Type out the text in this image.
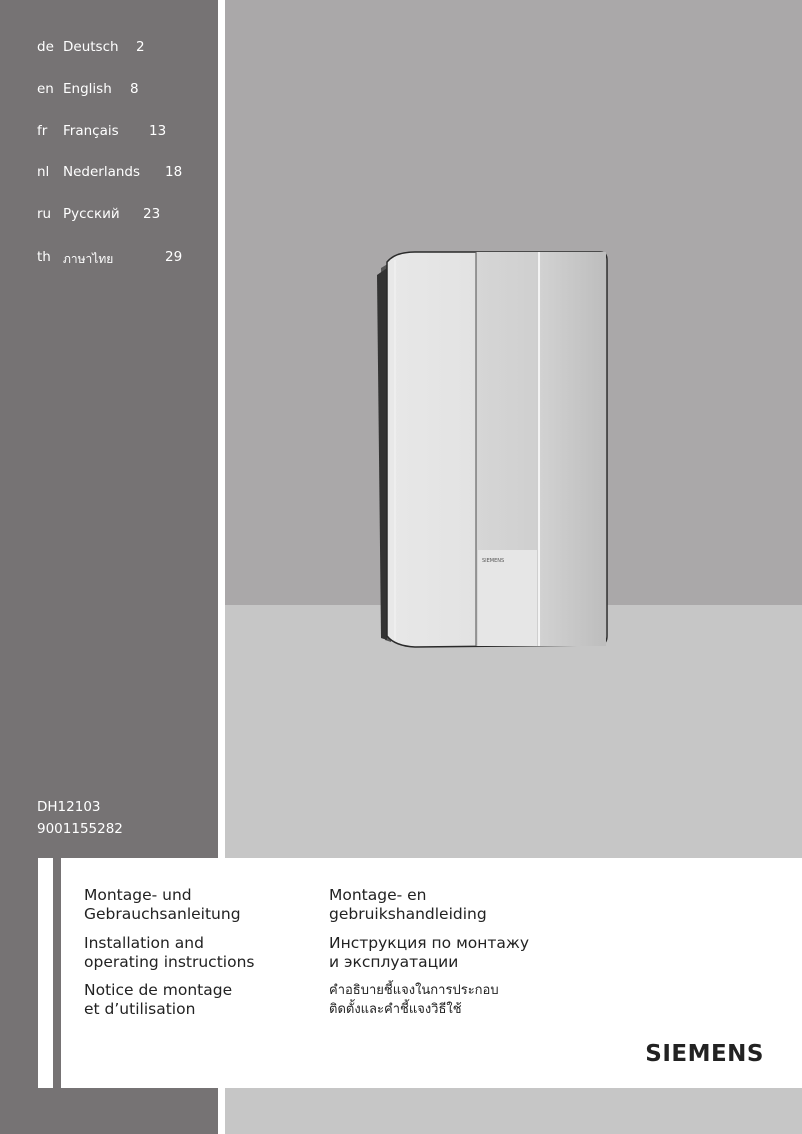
de Deutsch 2
en English 8
fr Français 13
nl Nederlands 18
ru Русский 23
th ภาษาไทย	29
DH12103
9001155282
SIEMENS
Montage- und
Gebrauchsanleitung
Installation and
operating instructions
Notice de montage
et d’utilisation
Montage- en
gebruikshandleiding
Инструкция по монтажу
и эксплуатации
คำอธิบายชี้แจงในการประกอบ
ติดตั้งและคำชี้แจงวิธีใช้
SIEMENS
